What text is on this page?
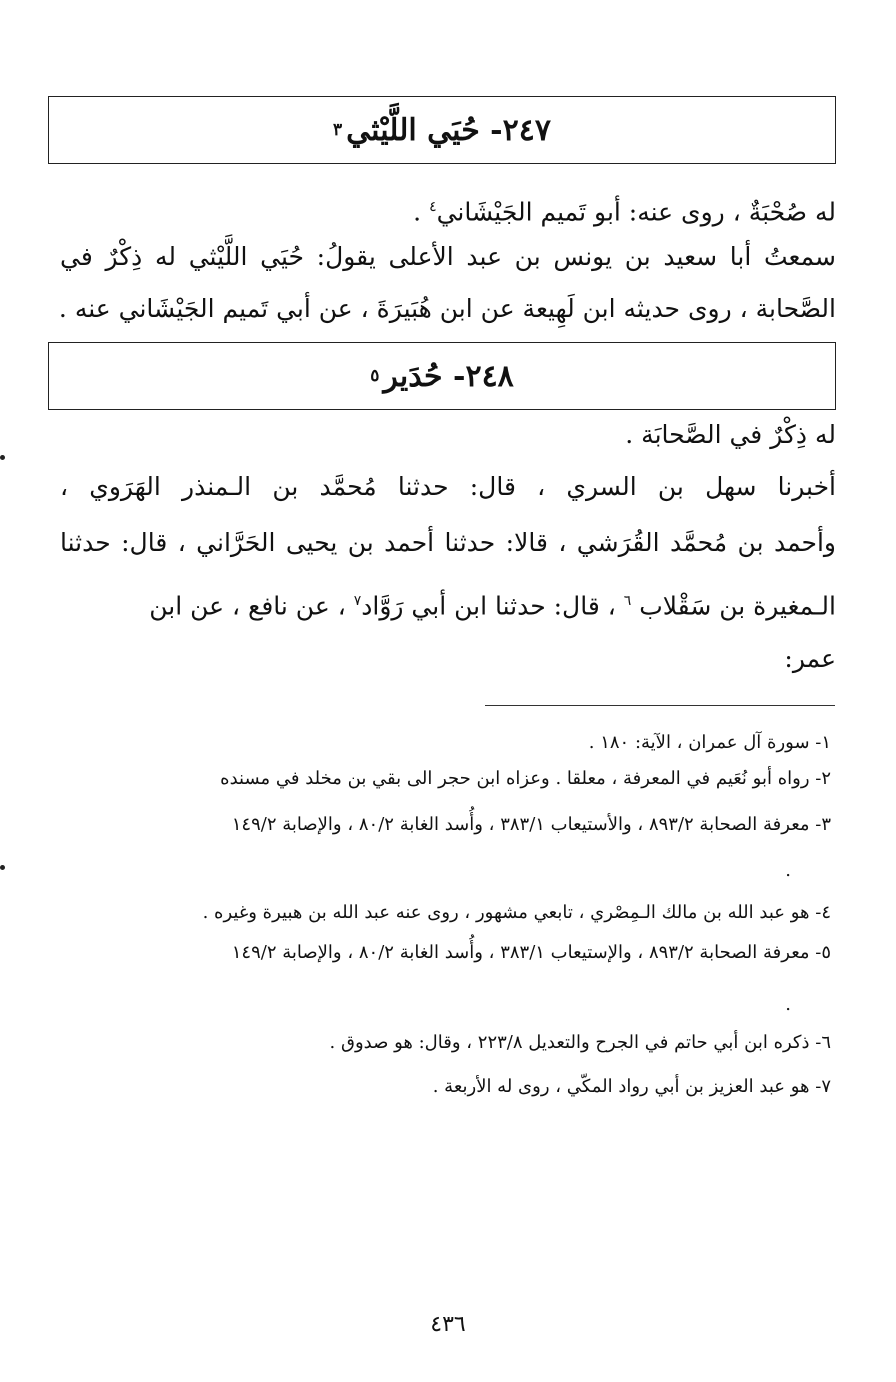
٢٤٧- حُيَي اللَّيْثي
٣
له صُحْبَةٌ ، روى عنه: أبو تَميم الجَيْشَاني$^٤$ .
سمعتُ أبا سعيد بن يونس بن عبد الأعلى يقولُ: حُيَي اللَّيْثي له ذِكْرٌ في
الصَّحابة ، روى حديثه ابن لَهِيعة عن ابن هُبَيرَةَ ، عن أبي تَميم الجَيْشَاني عنه .
٢٤٨- حُدَير
٥
له ذِكْرٌ في الصَّحابَة .
أخبرنا سهل بن السري ، قال: حدثنا مُحمَّد بن الـمنذر الهَرَوي ،
وأحمد بن مُحمَّد القُرَشي ، قالا: حدثنا أحمد بن يحيى الحَرَّاني ، قال: حدثنا
الـمغيرة بن سَقْلاب $^٦$ ، قال: حدثنا ابن أبي رَوَّاد$^٧$ ، عن نافع ، عن ابن
عمر:
١- سورة آل عمران ، الآية: ١٨٠ .
٢- رواه أبو نُعَيم في المعرفة ، معلقا . وعزاه ابن حجر الى بقي بن مخلد في مسنده
٣- معرفة الصحابة ٨٩٣/٢ ، والأستيعاب ٣٨٣/١ ، وأُسد الغابة ٨٠/٢ ، والإصابة ١٤٩/٢
.
٤- هو عبد الله بن مالك الـمِصْري ، تابعي مشهور ، روى عنه عبد الله بن هبيرة وغيره .
٥- معرفة الصحابة ٨٩٣/٢ ، والإستيعاب ٣٨٣/١ ، وأُسد الغابة ٨٠/٢ ، والإصابة ١٤٩/٢
.
٦- ذكره ابن أبي حاتم في الجرح والتعديل ٢٢٣/٨ ، وقال: هو صدوق .
٧- هو عبد العزيز بن أبي رواد المكّي ، روى له الأربعة .
٤٣٦
